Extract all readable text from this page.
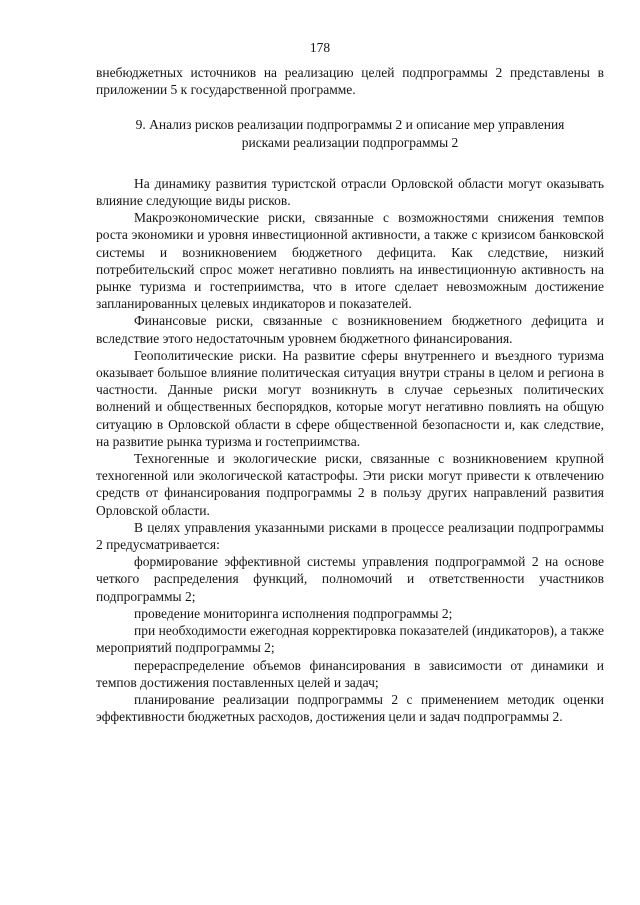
178

внебюджетных источников на реализацию целей подпрограммы 2 представлены в приложении 5 к государственной программе.

9. Анализ рисков реализации подпрограммы 2 и описание мер управления рисками реализации подпрограммы 2

На динамику развития туристской отрасли Орловской области могут оказывать влияние следующие виды рисков.

Макроэкономические риски, связанные с возможностями снижения темпов роста экономики и уровня инвестиционной активности, а также с кризисом банковской системы и возникновением бюджетного дефицита. Как следствие, низкий потребительский спрос может негативно повлиять на инвестиционную активность на рынке туризма и гостеприимства, что в итоге сделает невозможным достижение запланированных целевых индикаторов и показателей.

Финансовые риски, связанные с возникновением бюджетного дефицита и вследствие этого недостаточным уровнем бюджетного финансирования.

Геополитические риски. На развитие сферы внутреннего и въездного туризма оказывает большое влияние политическая ситуация внутри страны в целом и региона в частности. Данные риски могут возникнуть в случае серьезных политических волнений и общественных беспорядков, которые могут негативно повлиять на общую ситуацию в Орловской области в сфере общественной безопасности и, как следствие, на развитие рынка туризма и гостеприимства.

Техногенные и экологические риски, связанные с возникновением крупной техногенной или экологической катастрофы. Эти риски могут привести к отвлечению средств от финансирования подпрограммы 2 в пользу других направлений развития Орловской области.

В целях управления указанными рисками в процессе реализации подпрограммы 2 предусматривается:

формирование эффективной системы управления подпрограммой 2 на основе четкого распределения функций, полномочий и ответственности участников подпрограммы 2;

проведение мониторинга исполнения подпрограммы 2;

при необходимости ежегодная корректировка показателей (индикаторов), а также мероприятий подпрограммы 2;

перераспределение объемов финансирования в зависимости от динамики и темпов достижения поставленных целей и задач;

планирование реализации подпрограммы 2 с применением методик оценки эффективности бюджетных расходов, достижения цели и задач подпрограммы 2.
